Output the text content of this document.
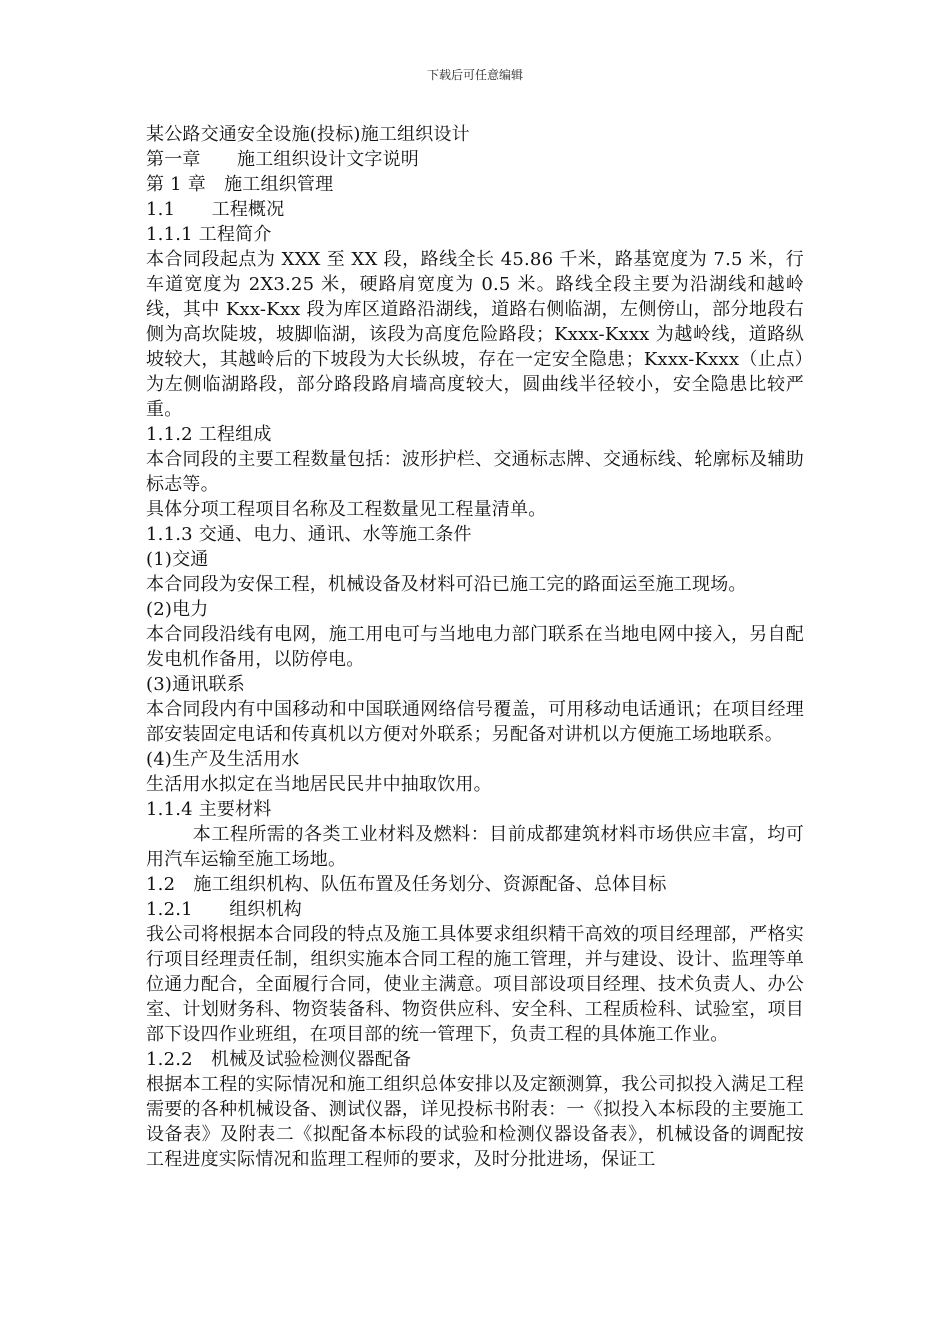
下载后可任意编辑

某公路交通安全设施(投标)施工组织设计

第一章　　施工组织设计文字说明

第 1 章　施工组织管理

1.1　　工程概况

1.1.1 工程简介

本合同段起点为 XXX 至 XX 段，路线全长 45.86 千米，路基宽度为 7.5 米，行车道宽度为 2X3.25 米，硬路肩宽度为 0.5 米。路线全段主要为沿湖线和越岭线，其中 Kxx-Kxx 段为库区道路沿湖线，道路右侧临湖，左侧傍山，部分地段右侧为高坎陡坡，坡脚临湖，该段为高度危险路段；Kxxx-Kxxx 为越岭线，道路纵坡较大，其越岭后的下坡段为大长纵坡，存在一定安全隐患；Kxxx-Kxxx（止点）为左侧临湖路段，部分路段路肩墙高度较大，圆曲线半径较小，安全隐患比较严重。

1.1.2 工程组成

本合同段的主要工程数量包括：波形护栏、交通标志牌、交通标线、轮廓标及辅助标志等。

具体分项工程项目名称及工程数量见工程量清单。

1.1.3 交通、电力、通讯、水等施工条件

(1)交通

本合同段为安保工程，机械设备及材料可沿已施工完的路面运至施工现场。

(2)电力

本合同段沿线有电网，施工用电可与当地电力部门联系在当地电网中接入，另自配发电机作备用，以防停电。

(3)通讯联系

本合同段内有中国移动和中国联通网络信号覆盖，可用移动电话通讯；在项目经理部安装固定电话和传真机以方便对外联系；另配备对讲机以方便施工场地联系。

(4)生产及生活用水

生活用水拟定在当地居民民井中抽取饮用。

1.1.4 主要材料

本工程所需的各类工业材料及燃料：目前成都建筑材料市场供应丰富，均可用汽车运输至施工场地。

1.2　施工组织机构、队伍布置及任务划分、资源配备、总体目标

1.2.1　　组织机构

我公司将根据本合同段的特点及施工具体要求组织精干高效的项目经理部，严格实行项目经理责任制，组织实施本合同工程的施工管理，并与建设、设计、监理等单位通力配合，全面履行合同，使业主满意。项目部设项目经理、技术负责人、办公室、计划财务科、物资装备科、物资供应科、安全科、工程质检科、试验室，项目部下设四作业班组，在项目部的统一管理下，负责工程的具体施工作业。

1.2.2　机械及试验检测仪器配备

根据本工程的实际情况和施工组织总体安排以及定额测算，我公司拟投入满足工程需要的各种机械设备、测试仪器，详见投标书附表：一《拟投入本标段的主要施工设备表》及附表二《拟配备本标段的试验和检测仪器设备表》，机械设备的调配按工程进度实际情况和监理工程师的要求，及时分批进场，保证工
